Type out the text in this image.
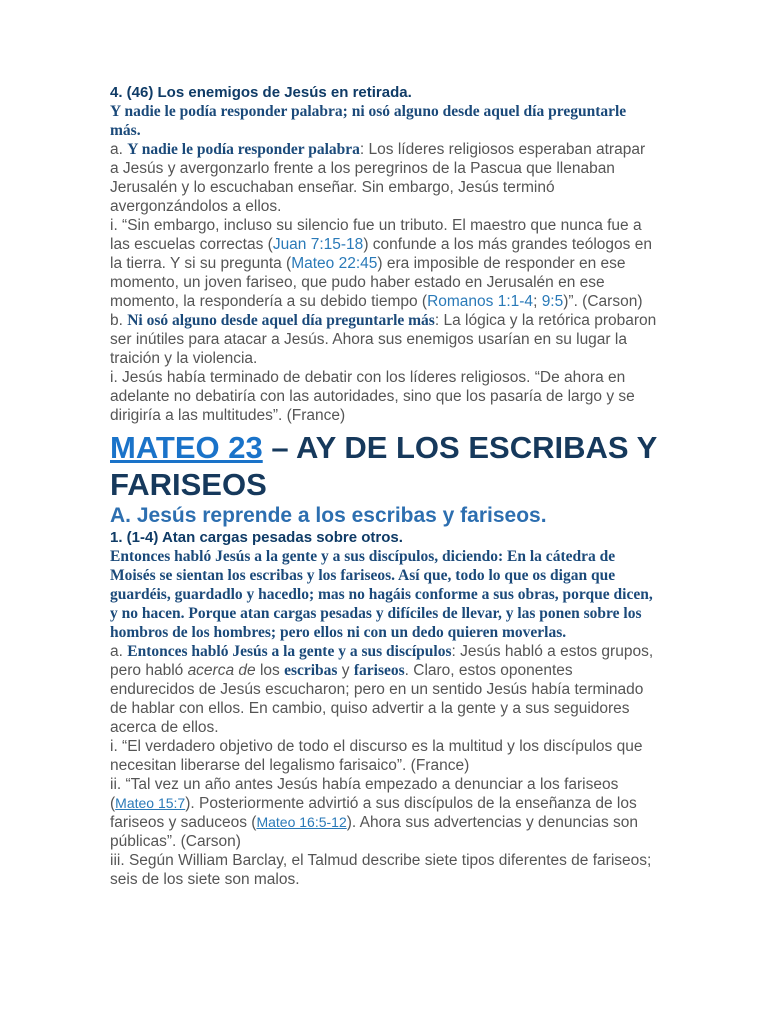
4. (46) Los enemigos de Jesús en retirada.

Y nadie le podía responder palabra; ni osó alguno desde aquel día preguntarle más.

a. Y nadie le podía responder palabra: Los líderes religiosos esperaban atrapar a Jesús y avergonzarlo frente a los peregrinos de la Pascua que llenaban Jerusalén y lo escuchaban enseñar. Sin embargo, Jesús terminó avergonzándolos a ellos.

i. “Sin embargo, incluso su silencio fue un tributo. El maestro que nunca fue a las escuelas correctas (Juan 7:15-18) confunde a los más grandes teólogos en la tierra. Y si su pregunta (Mateo 22:45) era imposible de responder en ese momento, un joven fariseo, que pudo haber estado en Jerusalén en ese momento, la respondería a su debido tiempo (Romanos 1:1-4; 9:5)”. (Carson)

b. Ni osó alguno desde aquel día preguntarle más: La lógica y la retórica probaron ser inútiles para atacar a Jesús. Ahora sus enemigos usarían en su lugar la traición y la violencia.

i. Jesús había terminado de debatir con los líderes religiosos. “De ahora en adelante no debatiría con las autoridades, sino que los pasaría de largo y se dirigiría a las multitudes”. (France)

MATEO 23 – AY DE LOS ESCRIBAS Y FARISEOS
A. Jesús reprende a los escribas y fariseos.

1. (1-4) Atan cargas pesadas sobre otros.

Entonces habló Jesús a la gente y a sus discípulos, diciendo: En la cátedra de Moisés se sientan los escribas y los fariseos. Así que, todo lo que os digan que guardéis, guardadlo y hacedlo; mas no hagáis conforme a sus obras, porque dicen, y no hacen. Porque atan cargas pesadas y difíciles de llevar, y las ponen sobre los hombros de los hombres; pero ellos ni con un dedo quieren moverlas.

a. Entonces habló Jesús a la gente y a sus discípulos: Jesús habló a estos grupos, pero habló acerca de los escribas y fariseos. Claro, estos oponentes endurecidos de Jesús escucharon; pero en un sentido Jesús había terminado de hablar con ellos. En cambio, quiso advertir a la gente y a sus seguidores acerca de ellos.

i. “El verdadero objetivo de todo el discurso es la multitud y los discípulos que necesitan liberarse del legalismo farisaico”. (France)

ii. “Tal vez un año antes Jesús había empezado a denunciar a los fariseos (Mateo 15:7). Posteriormente advirtió a sus discípulos de la enseñanza de los fariseos y saduceos (Mateo 16:5-12). Ahora sus advertencias y denuncias son públicas”. (Carson)

iii. Según William Barclay, el Talmud describe siete tipos diferentes de fariseos; seis de los siete son malos.
